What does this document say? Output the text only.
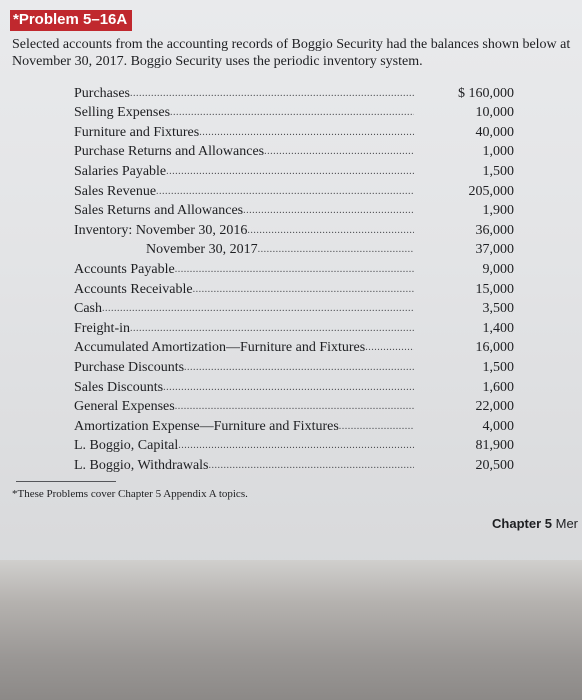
*Problem 5–16A
Selected accounts from the accounting records of Boggio Security had the balances shown below at November 30, 2017. Boggio Security uses the periodic inventory system.
Purchases .....	$ 160,000
Selling Expenses .....	10,000
Furniture and Fixtures .....	40,000
Purchase Returns and Allowances .....	1,000
Salaries Payable .....	1,500
Sales Revenue .....	205,000
Sales Returns and Allowances .....	1,900
Inventory: November 30, 2016 .....	36,000
November 30, 2017 .....	37,000
Accounts Payable .....	9,000
Accounts Receivable .....	15,000
Cash .....	3,500
Freight-in .....	1,400
Accumulated Amortization—Furniture and Fixtures .....	16,000
Purchase Discounts .....	1,500
Sales Discounts .....	1,600
General Expenses .....	22,000
Amortization Expense—Furniture and Fixtures .....	4,000
L. Boggio, Capital .....	81,900
L. Boggio, Withdrawals .....	20,500
*These Problems cover Chapter 5 Appendix A topics.
Chapter 5 Mer
